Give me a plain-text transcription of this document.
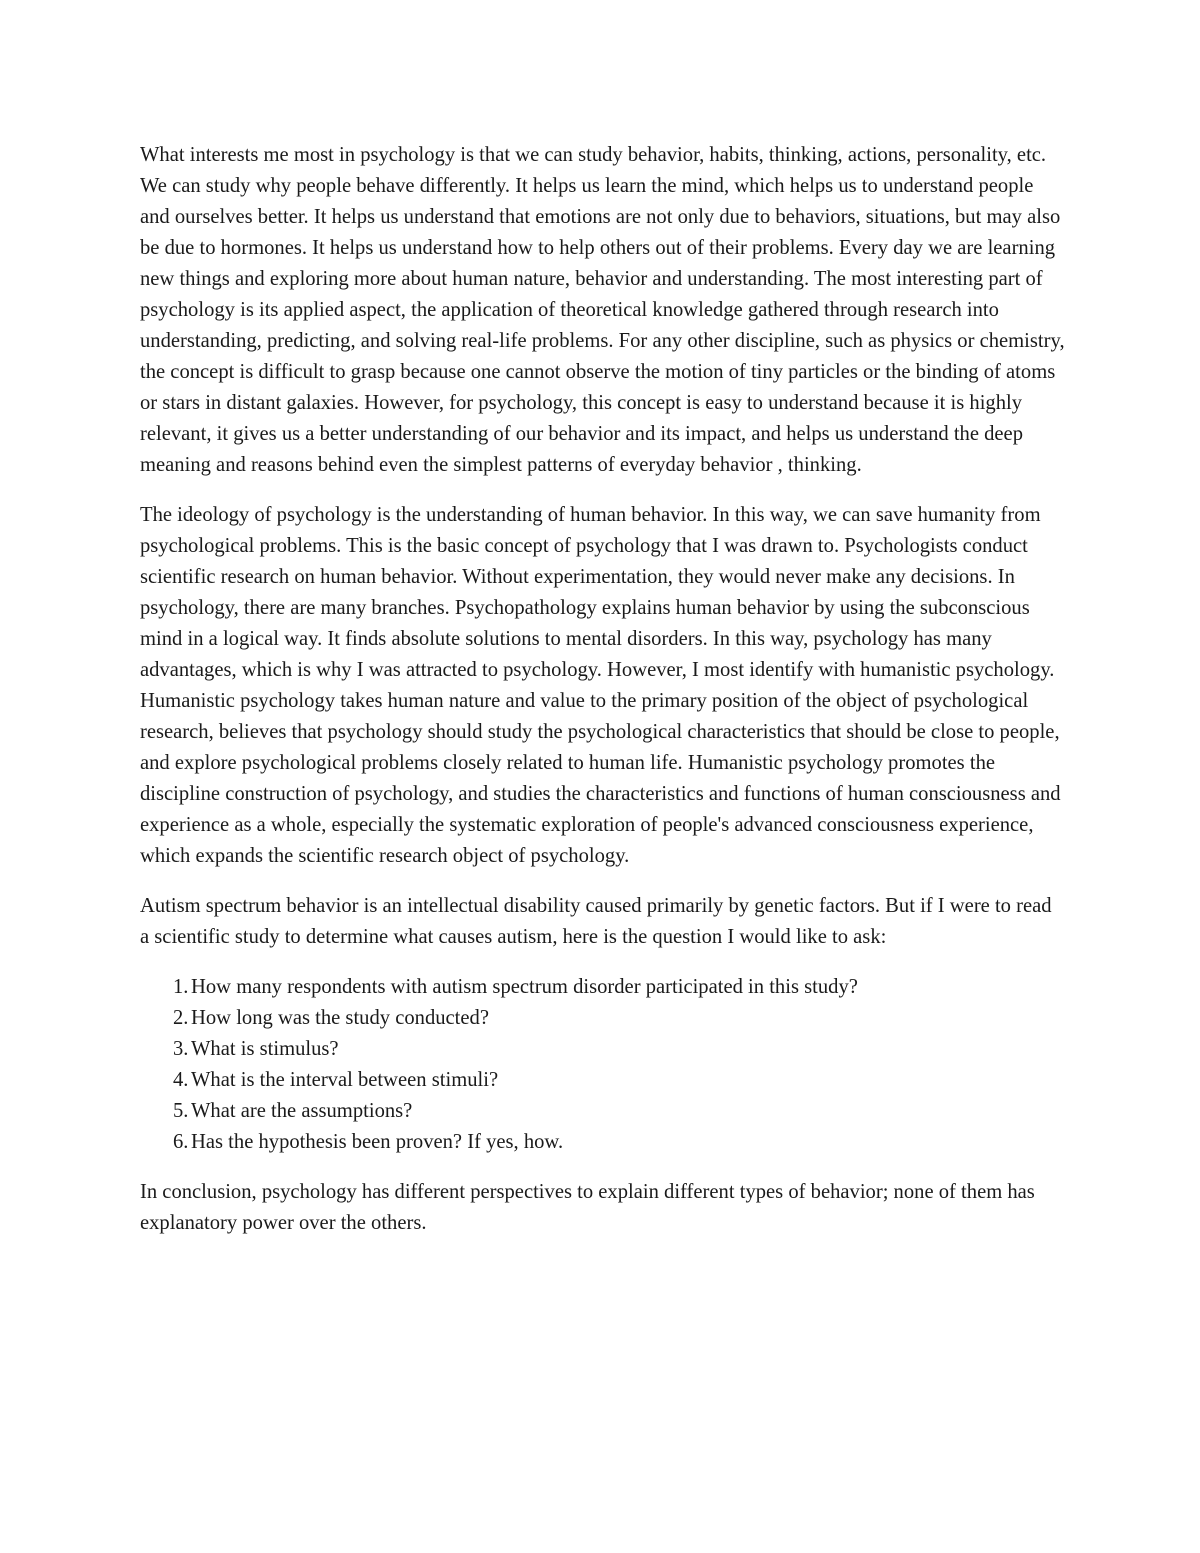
What interests me most in psychology is that we can study behavior, habits, thinking, actions, personality, etc. We can study why people behave differently. It helps us learn the mind, which helps us to understand people and ourselves better. It helps us understand that emotions are not only due to behaviors, situations, but may also be due to hormones. It helps us understand how to help others out of their problems. Every day we are learning new things and exploring more about human nature, behavior and understanding. The most interesting part of psychology is its applied aspect, the application of theoretical knowledge gathered through research into understanding, predicting, and solving real-life problems. For any other discipline, such as physics or chemistry, the concept is difficult to grasp because one cannot observe the motion of tiny particles or the binding of atoms or stars in distant galaxies. However, for psychology, this concept is easy to understand because it is highly relevant, it gives us a better understanding of our behavior and its impact, and helps us understand the deep meaning and reasons behind even the simplest patterns of everyday behavior , thinking.

The ideology of psychology is the understanding of human behavior. In this way, we can save humanity from psychological problems. This is the basic concept of psychology that I was drawn to. Psychologists conduct scientific research on human behavior. Without experimentation, they would never make any decisions. In psychology, there are many branches. Psychopathology explains human behavior by using the subconscious mind in a logical way. It finds absolute solutions to mental disorders. In this way, psychology has many advantages, which is why I was attracted to psychology. However, I most identify with humanistic psychology. Humanistic psychology takes human nature and value to the primary position of the object of psychological research, believes that psychology should study the psychological characteristics that should be close to people, and explore psychological problems closely related to human life. Humanistic psychology promotes the discipline construction of psychology, and studies the characteristics and functions of human consciousness and experience as a whole, especially the systematic exploration of people's advanced consciousness experience, which expands the scientific research object of psychology.

Autism spectrum behavior is an intellectual disability caused primarily by genetic factors. But if I were to read a scientific study to determine what causes autism, here is the question I would like to ask:

1. How many respondents with autism spectrum disorder participated in this study?
2. How long was the study conducted?
3. What is stimulus?
4. What is the interval between stimuli?
5. What are the assumptions?
6. Has the hypothesis been proven? If yes, how.

In conclusion, psychology has different perspectives to explain different types of behavior; none of them has explanatory power over the others.
